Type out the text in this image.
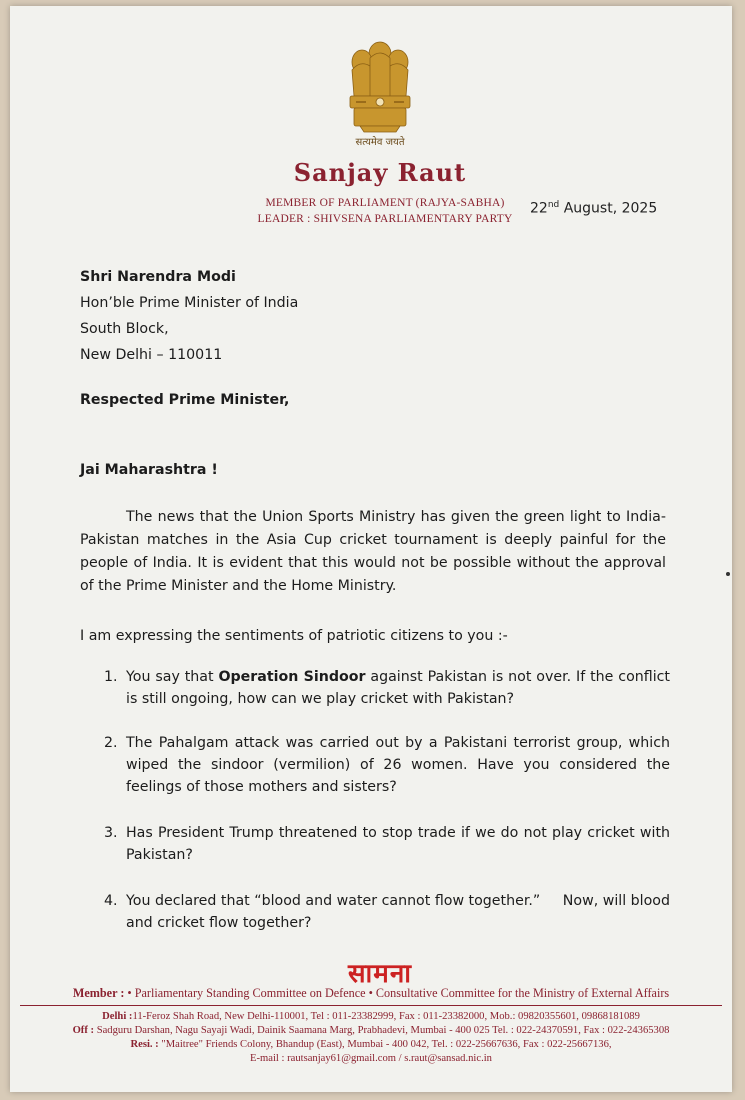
सत्यमेव जयते
Sanjay Raut
MEMBER OF PARLIAMENT (RAJYA-SABHA)
LEADER : SHIVSENA PARLIAMENTARY PARTY
22nd August, 2025
Shri Narendra Modi
Hon’ble Prime Minister of India
South Block,
New Delhi – 110011
Respected Prime Minister,
Jai Maharashtra !
The news that the Union Sports Ministry has given the green light to India-Pakistan matches in the Asia Cup cricket tournament is deeply painful for the people of India. It is evident that this would not be possible without the approval of the Prime Minister and the Home Ministry.
I am expressing the sentiments of patriotic citizens to you :-
1. You say that Operation Sindoor against Pakistan is not over. If the conflict is still ongoing, how can we play cricket with Pakistan?
2. The Pahalgam attack was carried out by a Pakistani terrorist group, which wiped the sindoor (vermilion) of 26 women. Have you considered the feelings of those mothers and sisters?
3. Has President Trump threatened to stop trade if we do not play cricket with Pakistan?
4. You declared that “blood and water cannot flow together.”     Now, will blood and cricket flow together?
सामना
Member : • Parliamentary Standing Committee on Defence • Consultative Committee for the Ministry of External Affairs
Delhi :11-Feroz Shah Road, New Delhi-110001, Tel : 011-23382999, Fax : 011-23382000, Mob.: 09820355601, 09868181089
Off : Sadguru Darshan, Nagu Sayaji Wadi, Dainik Saamana Marg, Prabhadevi, Mumbai - 400 025 Tel. : 022-24370591, Fax : 022-24365308
Resi. : "Maitree" Friends Colony, Bhandup (East), Mumbai - 400 042, Tel. : 022-25667636, Fax : 022-25667136,
E-mail : rautsanjay61@gmail.com / s.raut@sansad.nic.in
